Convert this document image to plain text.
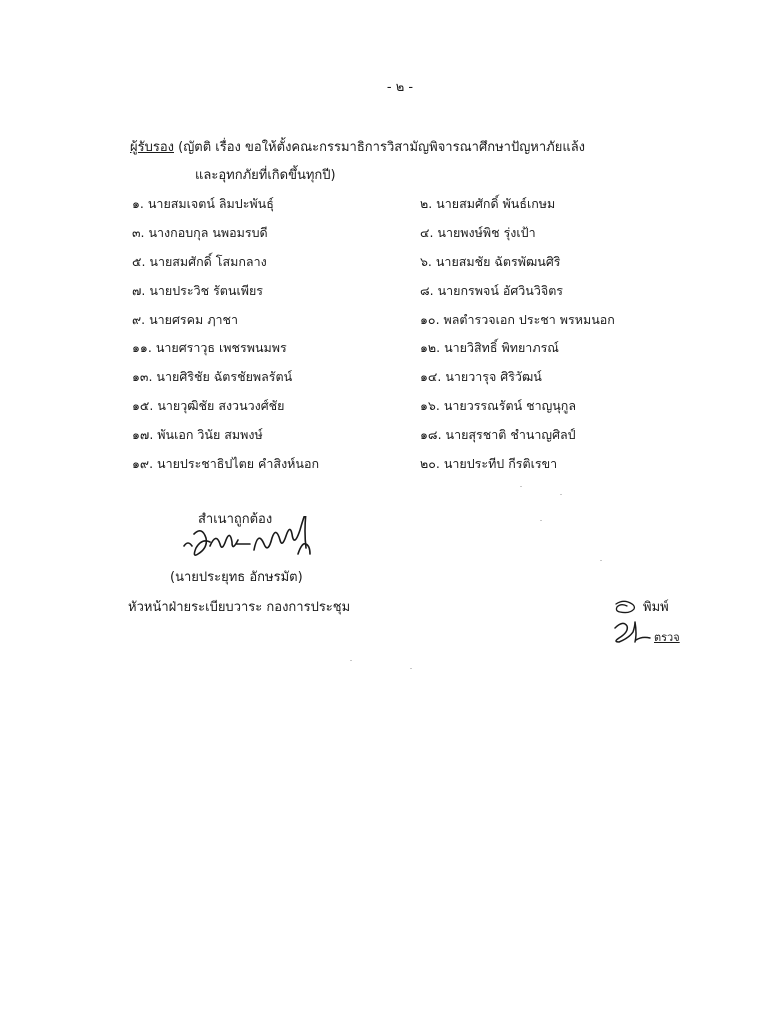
- ๒ -
ผู้รับรอง (ญัตติ เรื่อง ขอให้ตั้งคณะกรรมาธิการวิสามัญพิจารณาศึกษาปัญหาภัยแล้ง
และอุทกภัยที่เกิดขึ้นทุกปี)
๑. นายสมเจตน์ ลิมปะพันธุ์	๒. นายสมศักดิ์ พันธ์เกษม
๓. นางกอบกุล นพอมรบดี	๔. นายพงษ์พิช รุ่งเป้า
๕. นายสมศักดิ์ โสมกลาง	๖. นายสมชัย ฉัตรพัฒนศิริ
๗. นายประวิช รัตนเพียร	๘. นายกรพจน์ อัศวินวิจิตร
๙. นายศรคม ฦาชา	๑๐. พลตำรวจเอก ประชา พรหมนอก
๑๑. นายศราวุธ เพชรพนมพร	๑๒. นายวิสิทธิ์ พิทยาภรณ์
๑๓. นายศิริชัย ฉัตรชัยพลรัตน์	๑๔. นายวารุจ ศิริวัฒน์
๑๕. นายวุฒิชัย สงวนวงศ์ชัย	๑๖. นายวรรณรัตน์ ชาญนุกูล
๑๗. พันเอก วินัย สมพงษ์	๑๘. นายสุรชาติ ชำนาญศิลป์
๑๙. นายประชาธิปไตย คำสิงห์นอก	๒๐. นายประทีป กีรติเรขา
สำเนาถูกต้อง
(นายประยุทธ อักษรมัต)
หัวหน้าฝ่ายระเบียบวาระ กองการประชุม	พิมพ์
ตรวจ
